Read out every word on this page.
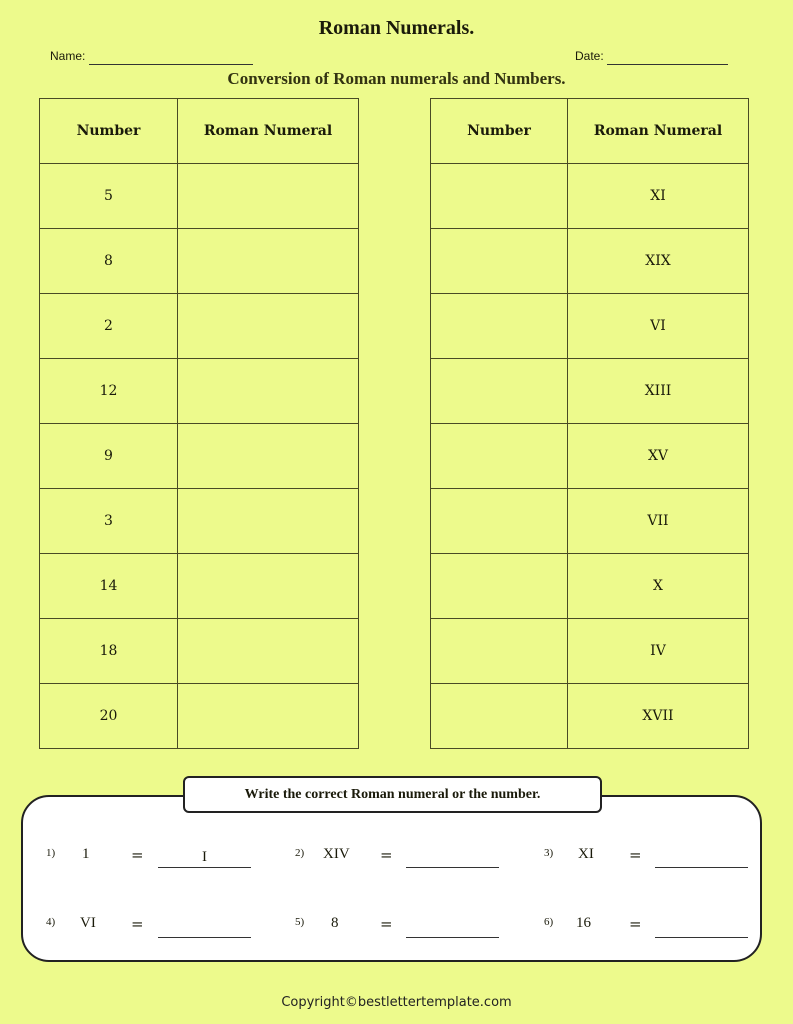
Roman Numerals.
Name:	Date:
Conversion of Roman numerals and Numbers.
Number	Roman Numeral
5	
8	
2	
12	
9	
3	
14	
18	
20	
Number	Roman Numeral
	XI
	XIX
	VI
	XIII
	XV
	VII
	X
	IV
	XVII
Write the correct Roman numeral or the number.
1) 1	=	I	2) XIV =	3) XI =
4) VI =	5) 8	=	6) 16	=
Copyright©bestlettertemplate.com
